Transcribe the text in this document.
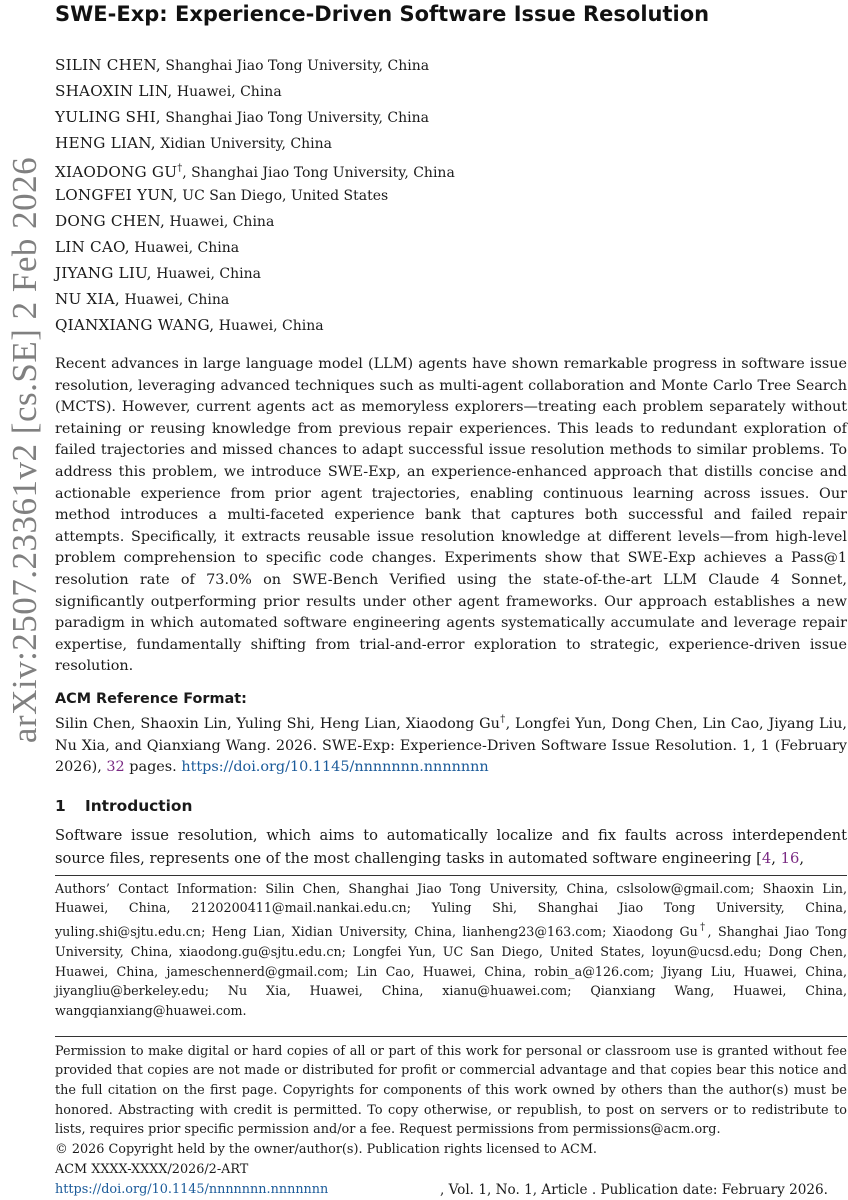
arXiv:2507.23361v2 [cs.SE] 2 Feb 2026
SWE-Exp: Experience-Driven Software Issue Resolution
SILIN CHEN, Shanghai Jiao Tong University, China
SHAOXIN LIN, Huawei, China
YULING SHI, Shanghai Jiao Tong University, China
HENG LIAN, Xidian University, China
XIAODONG GU†, Shanghai Jiao Tong University, China
LONGFEI YUN, UC San Diego, United States
DONG CHEN, Huawei, China
LIN CAO, Huawei, China
JIYANG LIU, Huawei, China
NU XIA, Huawei, China
QIANXIANG WANG, Huawei, China

Recent advances in large language model (LLM) agents have shown remarkable progress in software issue resolution, leveraging advanced techniques such as multi-agent collaboration and Monte Carlo Tree Search (MCTS). However, current agents act as memoryless explorers—treating each problem separately without retaining or reusing knowledge from previous repair experiences. This leads to redundant exploration of failed trajectories and missed chances to adapt successful issue resolution methods to similar problems. To address this problem, we introduce SWE-Exp, an experience-enhanced approach that distills concise and actionable experience from prior agent trajectories, enabling continuous learning across issues. Our method introduces a multi-faceted experience bank that captures both successful and failed repair attempts. Specifically, it extracts reusable issue resolution knowledge at different levels—from high-level problem comprehension to specific code changes. Experiments show that SWE-Exp achieves a Pass@1 resolution rate of 73.0% on SWE-Bench Verified using the state-of-the-art LLM Claude 4 Sonnet, significantly outperforming prior results under other agent frameworks. Our approach establishes a new paradigm in which automated software engineering agents systematically accumulate and leverage repair expertise, fundamentally shifting from trial-and-error exploration to strategic, experience-driven issue resolution.

ACM Reference Format:
Silin Chen, Shaoxin Lin, Yuling Shi, Heng Lian, Xiaodong Gu†, Longfei Yun, Dong Chen, Lin Cao, Jiyang Liu, Nu Xia, and Qianxiang Wang. 2026. SWE-Exp: Experience-Driven Software Issue Resolution. 1, 1 (February 2026), 32 pages. https://doi.org/10.1145/nnnnnnn.nnnnnnn
1 Introduction
Software issue resolution, which aims to automatically localize and fix faults across interdependent source files, represents one of the most challenging tasks in automated software engineering [4, 16,
Authors’ Contact Information: Silin Chen, Shanghai Jiao Tong University, China, cslsolow@gmail.com; Shaoxin Lin, Huawei, China, 2120200411@mail.nankai.edu.cn; Yuling Shi, Shanghai Jiao Tong University, China, yuling.shi@sjtu.edu.cn; Heng Lian, Xidian University, China, lianheng23@163.com; Xiaodong Gu†, Shanghai Jiao Tong University, China, xiaodong.gu@sjtu.edu.cn; Longfei Yun, UC San Diego, United States, loyun@ucsd.edu; Dong Chen, Huawei, China, jameschennerd@gmail.com; Lin Cao, Huawei, China, robin_a@126.com; Jiyang Liu, Huawei, China, jiyangliu@berkeley.edu; Nu Xia, Huawei, China, xianu@huawei.com; Qianxiang Wang, Huawei, China, wangqianxiang@huawei.com.
Permission to make digital or hard copies of all or part of this work for personal or classroom use is granted without fee provided that copies are not made or distributed for profit or commercial advantage and that copies bear this notice and the full citation on the first page. Copyrights for components of this work owned by others than the author(s) must be honored. Abstracting with credit is permitted. To copy otherwise, or republish, to post on servers or to redistribute to lists, requires prior specific permission and/or a fee. Request permissions from permissions@acm.org.
© 2026 Copyright held by the owner/author(s). Publication rights licensed to ACM.
ACM XXXX-XXXX/2026/2-ART
https://doi.org/10.1145/nnnnnnn.nnnnnnn	, Vol. 1, No. 1, Article . Publication date: February 2026.
